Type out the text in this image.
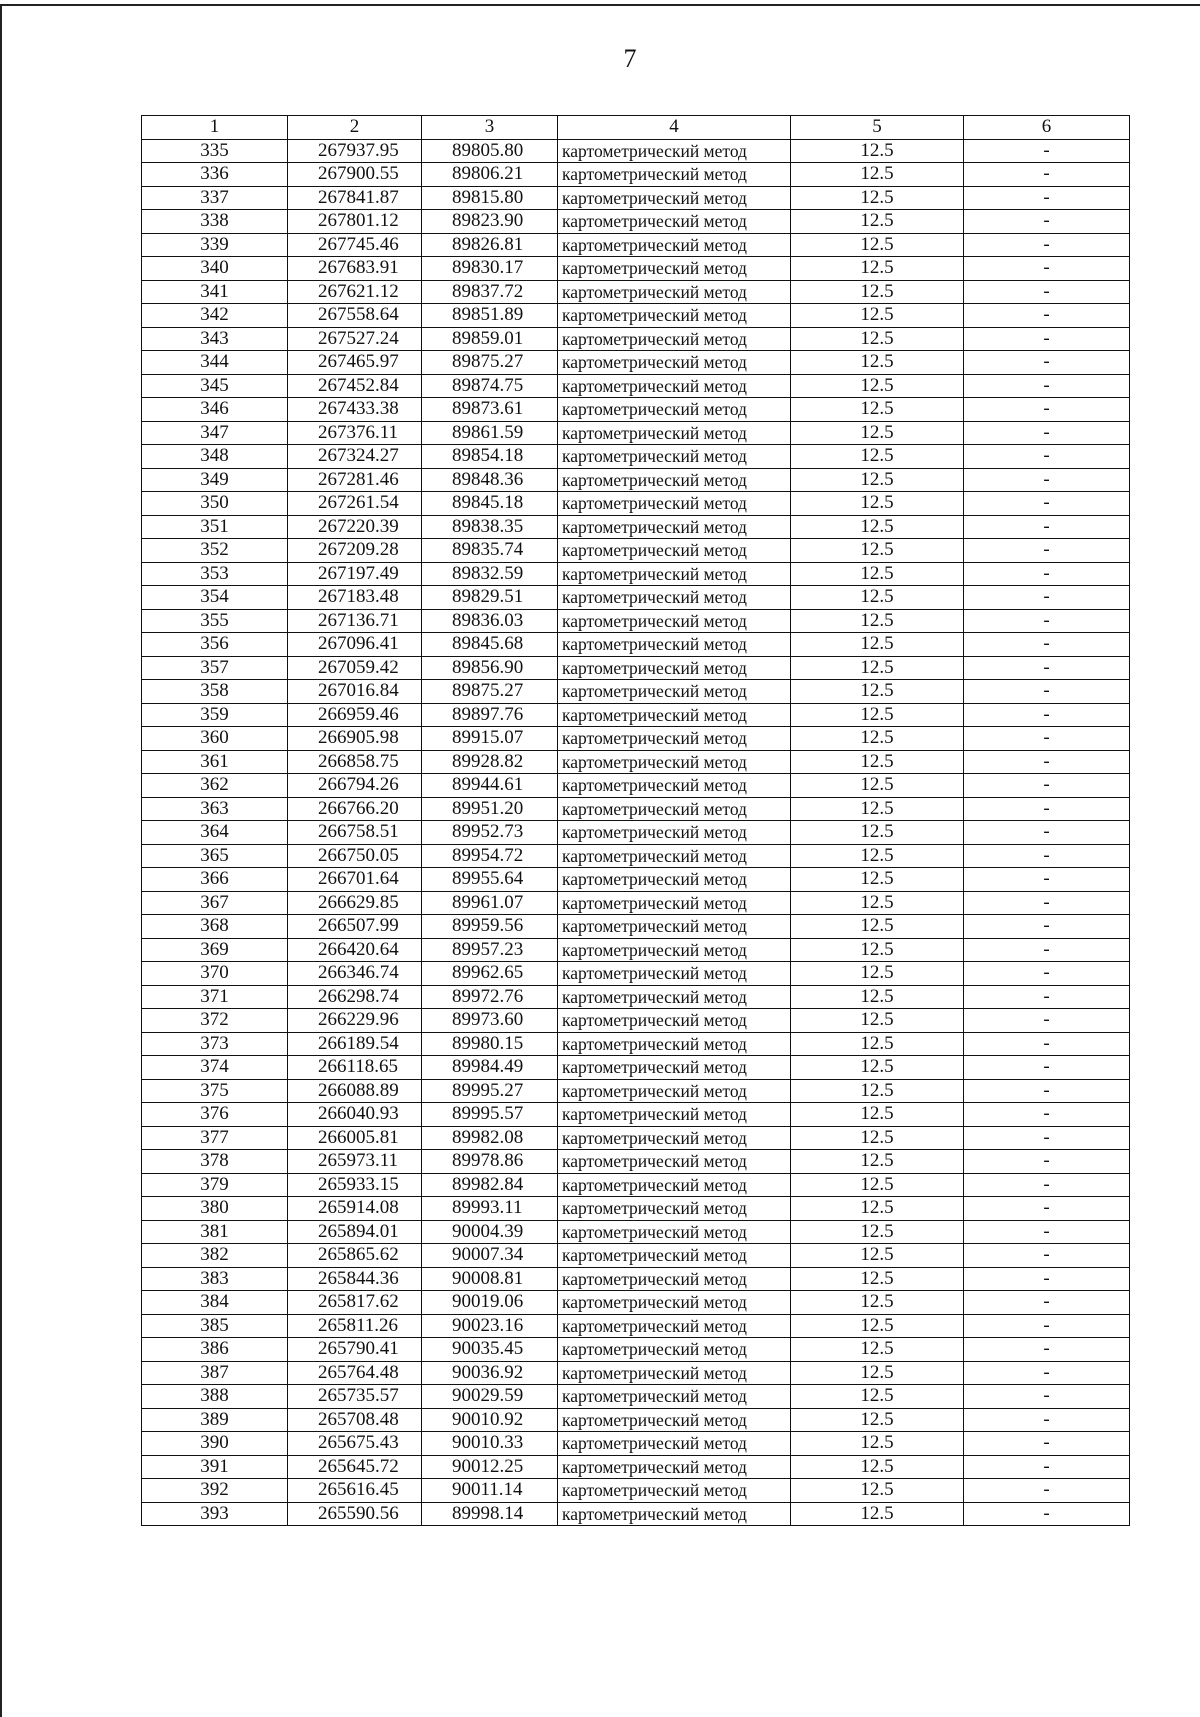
7
1	2	3	4	5	6
335	267937.95	89805.80	картометрический метод	12.5	-
336	267900.55	89806.21	картометрический метод	12.5	-
337	267841.87	89815.80	картометрический метод	12.5	-
338	267801.12	89823.90	картометрический метод	12.5	-
339	267745.46	89826.81	картометрический метод	12.5	-
340	267683.91	89830.17	картометрический метод	12.5	-
341	267621.12	89837.72	картометрический метод	12.5	-
342	267558.64	89851.89	картометрический метод	12.5	-
343	267527.24	89859.01	картометрический метод	12.5	-
344	267465.97	89875.27	картометрический метод	12.5	-
345	267452.84	89874.75	картометрический метод	12.5	-
346	267433.38	89873.61	картометрический метод	12.5	-
347	267376.11	89861.59	картометрический метод	12.5	-
348	267324.27	89854.18	картометрический метод	12.5	-
349	267281.46	89848.36	картометрический метод	12.5	-
350	267261.54	89845.18	картометрический метод	12.5	-
351	267220.39	89838.35	картометрический метод	12.5	-
352	267209.28	89835.74	картометрический метод	12.5	-
353	267197.49	89832.59	картометрический метод	12.5	-
354	267183.48	89829.51	картометрический метод	12.5	-
355	267136.71	89836.03	картометрический метод	12.5	-
356	267096.41	89845.68	картометрический метод	12.5	-
357	267059.42	89856.90	картометрический метод	12.5	-
358	267016.84	89875.27	картометрический метод	12.5	-
359	266959.46	89897.76	картометрический метод	12.5	-
360	266905.98	89915.07	картометрический метод	12.5	-
361	266858.75	89928.82	картометрический метод	12.5	-
362	266794.26	89944.61	картометрический метод	12.5	-
363	266766.20	89951.20	картометрический метод	12.5	-
364	266758.51	89952.73	картометрический метод	12.5	-
365	266750.05	89954.72	картометрический метод	12.5	-
366	266701.64	89955.64	картометрический метод	12.5	-
367	266629.85	89961.07	картометрический метод	12.5	-
368	266507.99	89959.56	картометрический метод	12.5	-
369	266420.64	89957.23	картометрический метод	12.5	-
370	266346.74	89962.65	картометрический метод	12.5	-
371	266298.74	89972.76	картометрический метод	12.5	-
372	266229.96	89973.60	картометрический метод	12.5	-
373	266189.54	89980.15	картометрический метод	12.5	-
374	266118.65	89984.49	картометрический метод	12.5	-
375	266088.89	89995.27	картометрический метод	12.5	-
376	266040.93	89995.57	картометрический метод	12.5	-
377	266005.81	89982.08	картометрический метод	12.5	-
378	265973.11	89978.86	картометрический метод	12.5	-
379	265933.15	89982.84	картометрический метод	12.5	-
380	265914.08	89993.11	картометрический метод	12.5	-
381	265894.01	90004.39	картометрический метод	12.5	-
382	265865.62	90007.34	картометрический метод	12.5	-
383	265844.36	90008.81	картометрический метод	12.5	-
384	265817.62	90019.06	картометрический метод	12.5	-
385	265811.26	90023.16	картометрический метод	12.5	-
386	265790.41	90035.45	картометрический метод	12.5	-
387	265764.48	90036.92	картометрический метод	12.5	-
388	265735.57	90029.59	картометрический метод	12.5	-
389	265708.48	90010.92	картометрический метод	12.5	-
390	265675.43	90010.33	картометрический метод	12.5	-
391	265645.72	90012.25	картометрический метод	12.5	-
392	265616.45	90011.14	картометрический метод	12.5	-
393	265590.56	89998.14	картометрический метод	12.5	-
